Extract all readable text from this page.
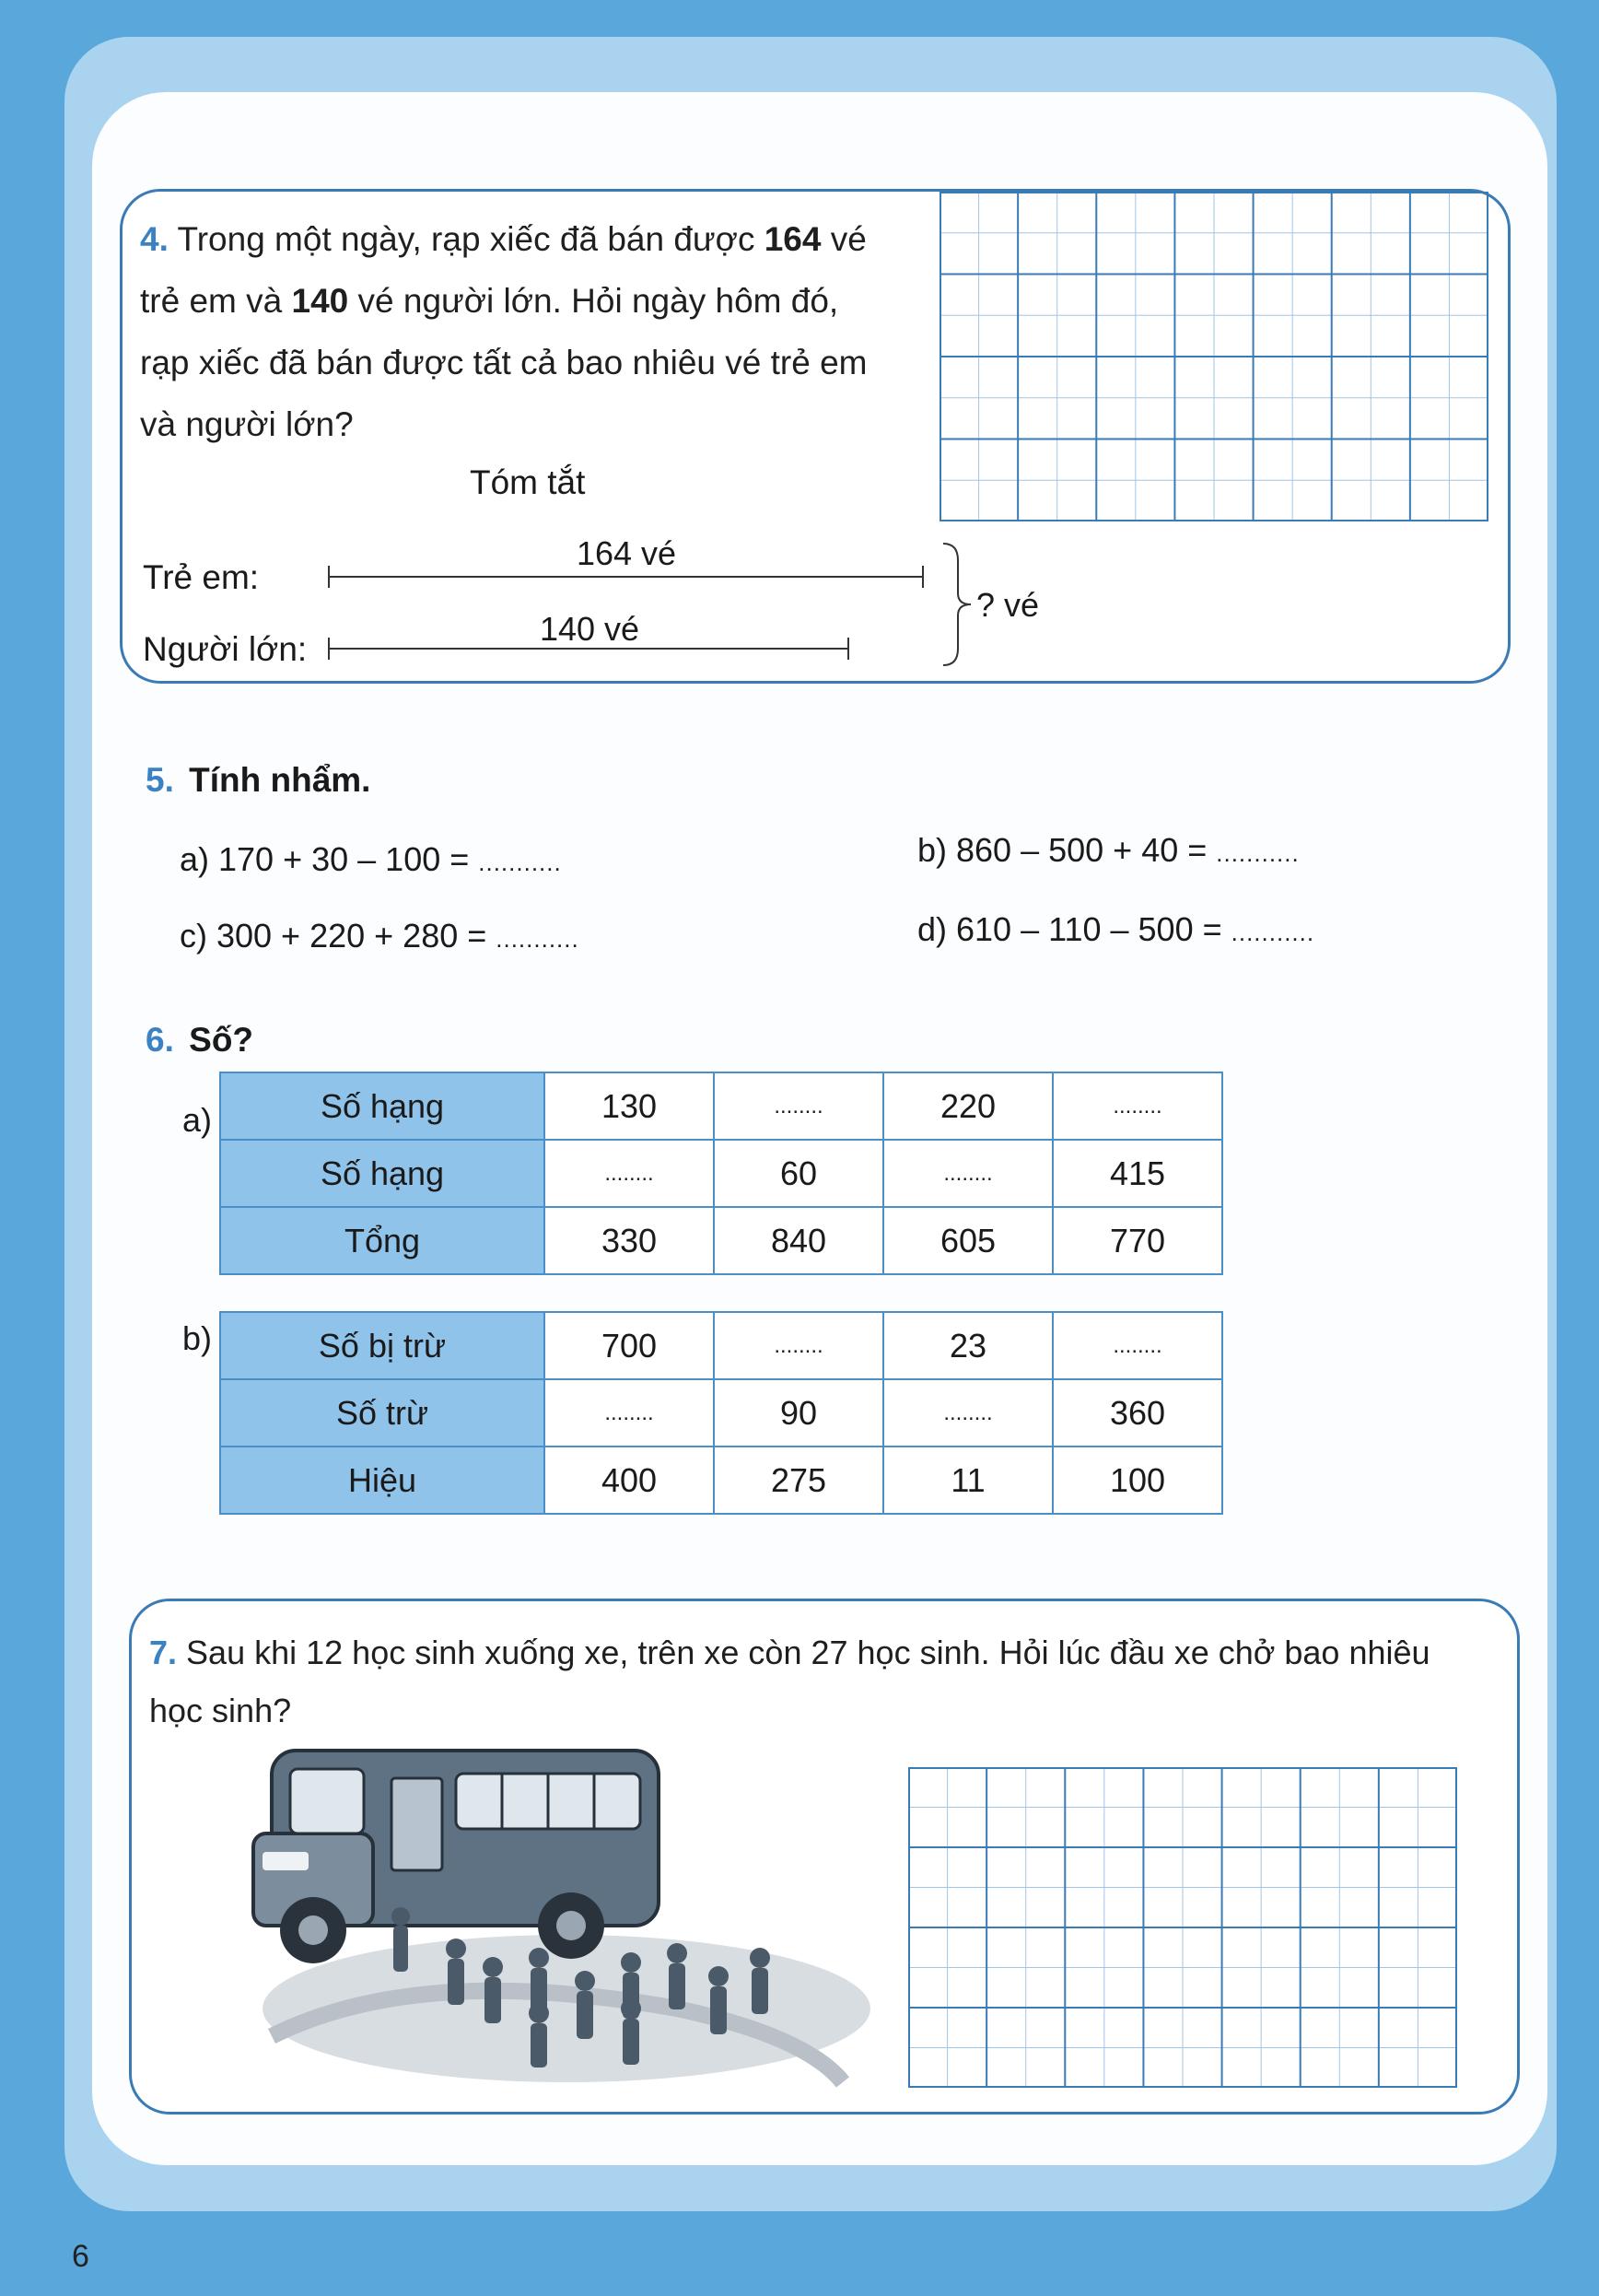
4. Trong một ngày, rạp xiếc đã bán được 164 vé
trẻ em và 140 vé người lớn. Hỏi ngày hôm đó,
rạp xiếc đã bán được tất cả bao nhiêu vé trẻ em
và người lớn?
Tóm tắt
Trẻ em:
Người lớn:
164 vé
140 vé
? vé
5. Tính nhẩm.
a) 170 + 30 – 100 = ...........	b) 860 – 500 + 40 = ...........
c) 300 + 220 + 280 = ...........	d) 610 – 110 – 500 = ...........
6. Số?
a)	Số hạng	130	........	220	........
Số hạng	........	60	........	415
Tổng	330	840	605	770
b)	Số bị trừ	700	........	23	........
Số trừ	........	90	........	360
Hiệu	400	275	11	100
7. Sau khi 12 học sinh xuống xe, trên xe còn 27 học sinh. Hỏi lúc đầu xe chở bao nhiêu
học sinh?
6
